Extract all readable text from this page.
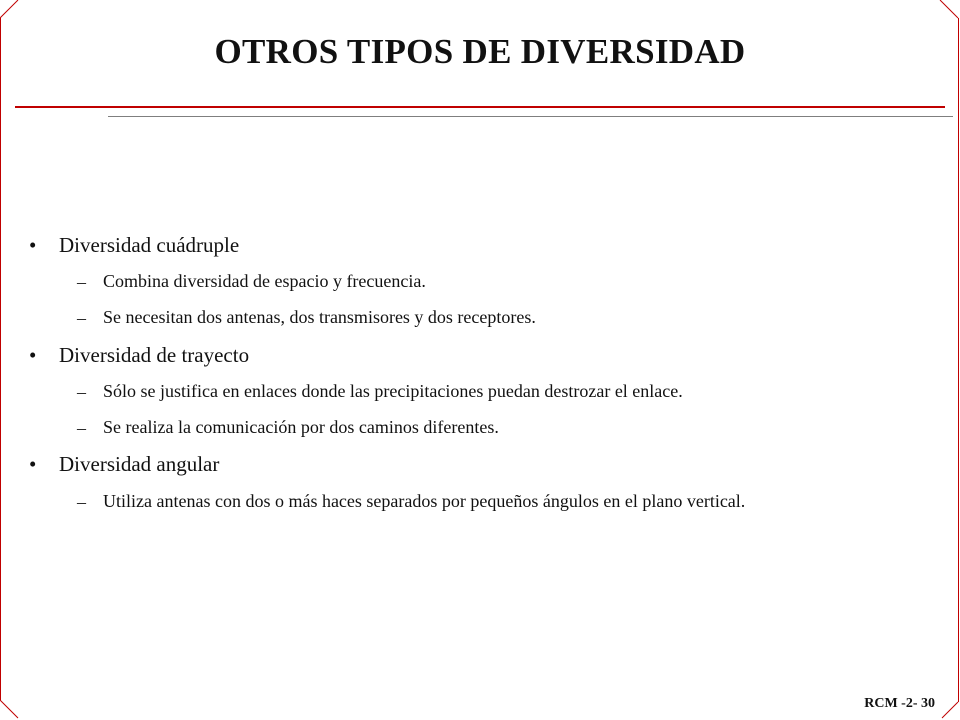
OTROS TIPOS DE DIVERSIDAD
• Diversidad cuádruple
– Combina diversidad de espacio y frecuencia.
– Se necesitan dos antenas, dos transmisores y dos receptores.
• Diversidad de trayecto
– Sólo se justifica en enlaces donde las precipitaciones puedan destrozar el enlace.
– Se realiza la comunicación por dos caminos diferentes.
• Diversidad angular
– Utiliza antenas con dos o más haces separados por pequeños ángulos en el plano vertical.
RCM -2- 30
